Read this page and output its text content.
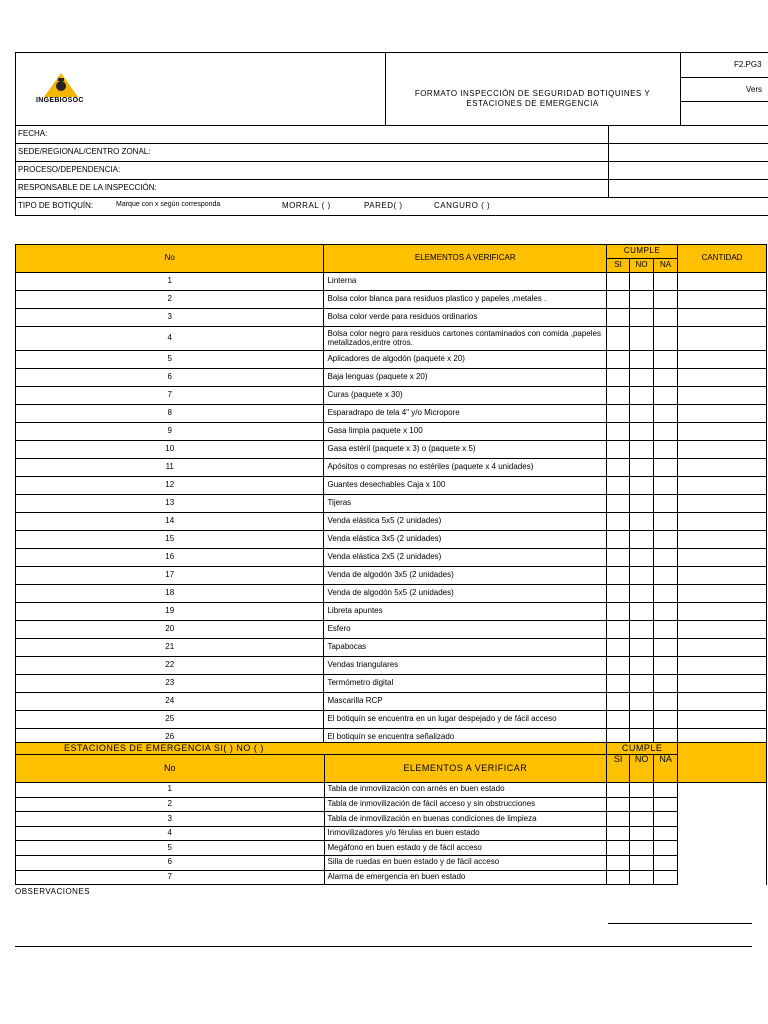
INGEBIOSOC
FORMATO INSPECCIÓN DE SEGURIDAD BOTIQUINES Y
ESTACIONES DE EMERGENCIA
F2.PG3
Vers
FECHA:
SEDE/REGIONAL/CENTRO ZONAL:
PROCESO/DEPENDENCIA:
RESPONSABLE DE LA INSPECCIÓN:
TIPO DE BOTIQUÍN:	Marque con x según corresponda	MORRAL ( )	PARED( )	CANGURO ( )
No	ELEMENTOS A VERIFICAR	CUMPLE			CANTIDAD
		SI	NO	NA	
1	Linterna				
2	Bolsa color blanca para residuos plastico y papeles ,metales .				
3	Bolsa color verde para residuos ordinarios				
4	Bolsa color negro para residuos cartones contaminados con comida ,papeles metalizados,entre otros.				
5	Aplicadores de algodón (paquete x 20)				
6	Baja lenguas (paquete x 20)				
7	Curas (paquete x 30)				
8	Esparadrapo de tela 4" y/o Micropore				
9	Gasa limpia paquete x 100				
10	Gasa estéril (paquete x 3) o (paquete x 5)				
11	Apósitos o compresas no estériles (paquete x 4 unidades)				
12	Guantes desechables Caja x 100				
13	Tijeras				
14	Venda elástica 5x5 (2 unidades)				
15	Venda elástica 3x5 (2 unidades)				
16	Venda elástica 2x5 (2 unidades)				
17	Venda de algodón 3x5 (2 unidades)				
18	Venda de algodón 5x5 (2 unidades)				
19	Libreta apuntes				
20	Esfero				
21	Tapabocas				
22	Vendas triangulares				
23	Termómetro digital				
24	Mascarilla RCP				
25	El botiquín se encuentra en un lugar despejado y de fácil acceso				
26	El botiquín se encuentra señalizado				

ESTACIONES DE EMERGENCIA SI( ) NO ( )		CUMPLE			
No	ELEMENTOS A VERIFICAR	SI	NO	NA	

1	Tabla de inmovilización con arnés en buen estado				
2	Tabla de inmovilización de fácil acceso y sin obstrucciones				
3	Tabla de inmovilización en buenas condiciones de limpieza				
4	Inmovilizadores y/o férulas en buen estado				
5	Megáfono en buen estado y de fácil acceso				
6	Silla de ruedas en buen estado y de fácil acceso				
7	Alarma de emergencia en buen estado				
OBSERVACIONES
